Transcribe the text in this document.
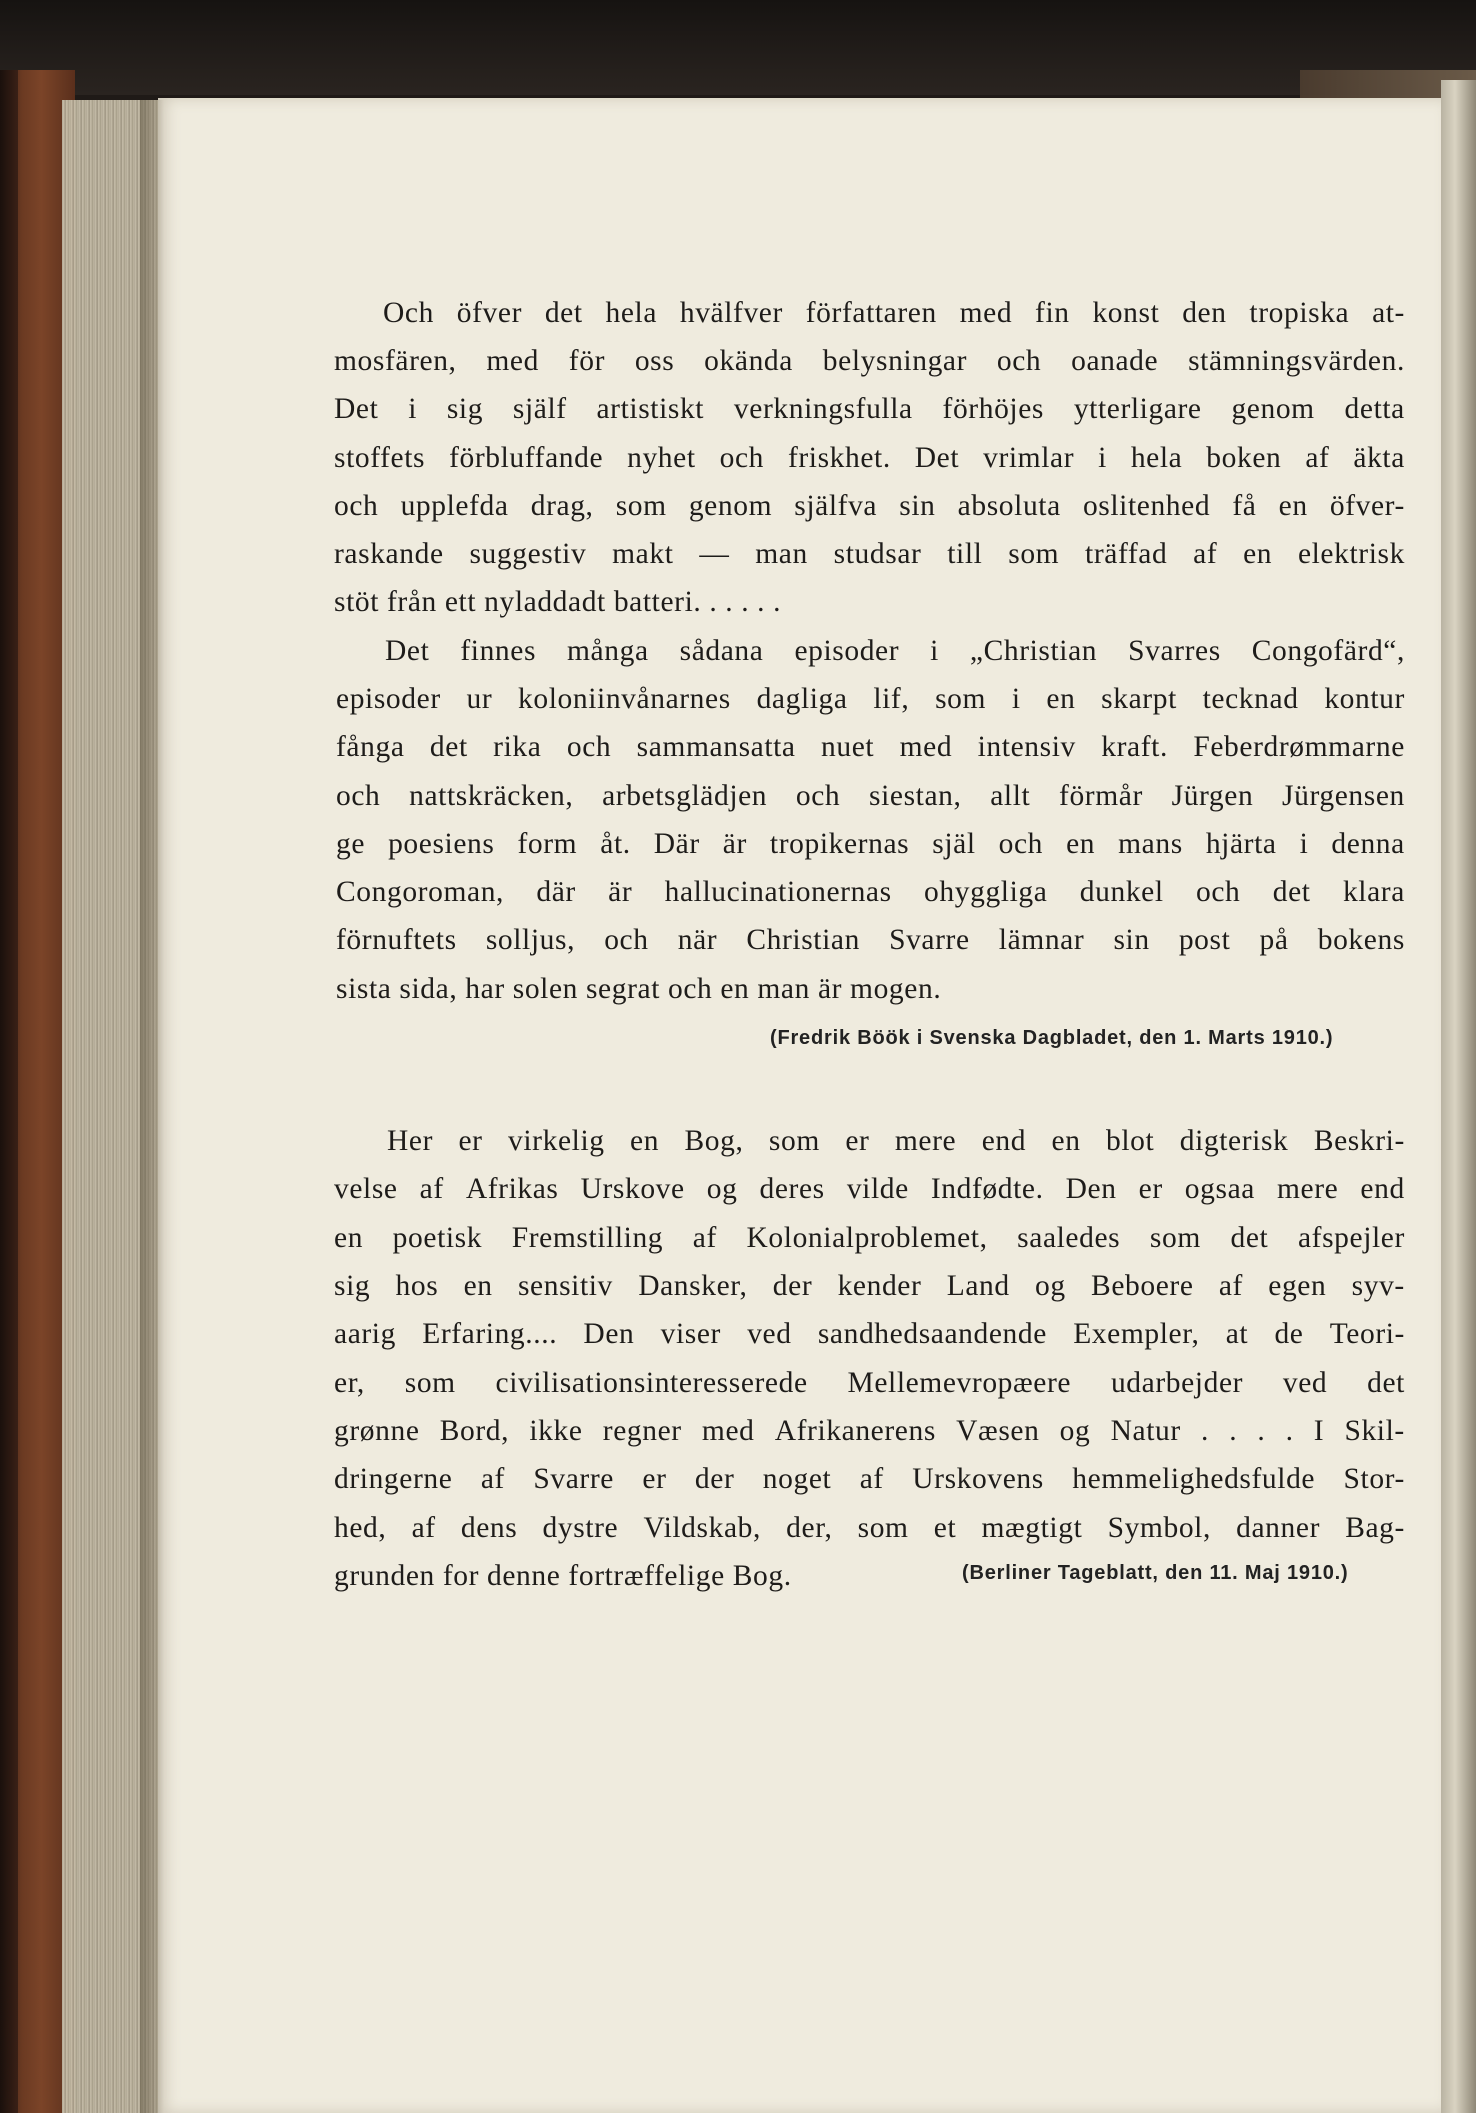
Och öfver det hela hvälfver författaren med fin konst den tropiska at-
mosfären, med för oss okända belysningar och oanade stämningsvärden.
Det i sig själf artistiskt verkningsfulla förhöjes ytterligare genom detta
stoffets förbluffande nyhet och friskhet. Det vrimlar i hela boken af äkta
och upplefda drag, som genom själfva sin absoluta oslitenhed få en öfver-
raskande suggestiv makt — man studsar till som träffad af en elektrisk
stöt från ett nyladdadt batteri. . . . . .
Det finnes många sådana episoder i „Christian Svarres Congofärd“,
episoder ur koloniinvånarnes dagliga lif, som i en skarpt tecknad kontur
fånga det rika och sammansatta nuet med intensiv kraft. Feberdrømmarne
och nattskräcken, arbetsglädjen och siestan, allt förmår Jürgen Jürgensen
ge poesiens form åt. Där är tropikernas själ och en mans hjärta i denna
Congoroman, där är hallucinationernas ohyggliga dunkel och det klara
förnuftets solljus, och när Christian Svarre lämnar sin post på bokens
sista sida, har solen segrat och en man är mogen.
(Fredrik Böök i Svenska Dagbladet, den 1. Marts 1910.)
Her er virkelig en Bog, som er mere end en blot digterisk Beskri-
velse af Afrikas Urskove og deres vilde Indfødte. Den er ogsaa mere end
en poetisk Fremstilling af Kolonialproblemet, saaledes som det afspejler
sig hos en sensitiv Dansker, der kender Land og Beboere af egen syv-
aarig Erfaring.... Den viser ved sandhedsaandende Exempler, at de Teori-
er, som civilisationsinteresserede Mellemevropæere udarbejder ved det
grønne Bord, ikke regner med Afrikanerens Væsen og Natur . . . . I Skil-
dringerne af Svarre er der noget af Urskovens hemmelighedsfulde Stor-
hed, af dens dystre Vildskab, der, som et mægtigt Symbol, danner Bag-
grunden for denne fortræffelige Bog.	(Berliner Tageblatt, den 11. Maj 1910.)
